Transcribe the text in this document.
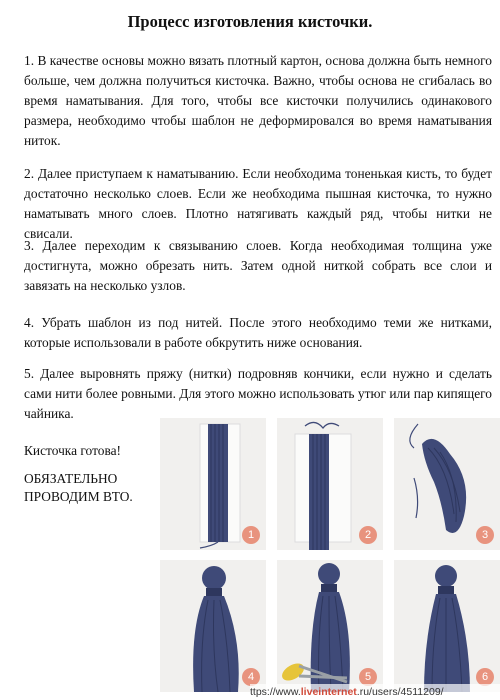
Процесс изготовления кисточки.

1. В качестве основы можно вязать плотный картон, основа должна быть немного больше, чем должна получиться кисточка. Важно, чтобы основа не сгибалась во время наматывания. Для того, чтобы все кисточки получились одинакового размера, необходимо чтобы шаблон не деформировался во время наматывания ниток.

2. Далее приступаем к наматыванию. Если необходима тоненькая кисть, то будет достаточно несколько слоев. Если же необходима пышная кисточка, то нужно наматывать много слоев. Плотно натягивать каждый ряд, чтобы нитки не свисали.

3. Далее переходим к связыванию слоев. Когда необходимая толщина уже достигнута, можно обрезать нить. Затем одной ниткой собрать все слои и завязать на несколько узлов.

4. Убрать шаблон из под нитей. После этого необходимо теми же нитками, которые использовали в работе обкрутить ниже основания.

5. Далее выровнять пряжу (нитки) подровняв кончики, если нужно и сделать сами нити более ровными. Для этого можно использовать утюг или пар кипящего чайника.

Кисточка готова!

ОБЯЗАТЕЛЬНО
ПРОВОДИМ ВТО.

1	2	3
4	5	6
ttps://www.liveinternet.ru/users/4511209/
